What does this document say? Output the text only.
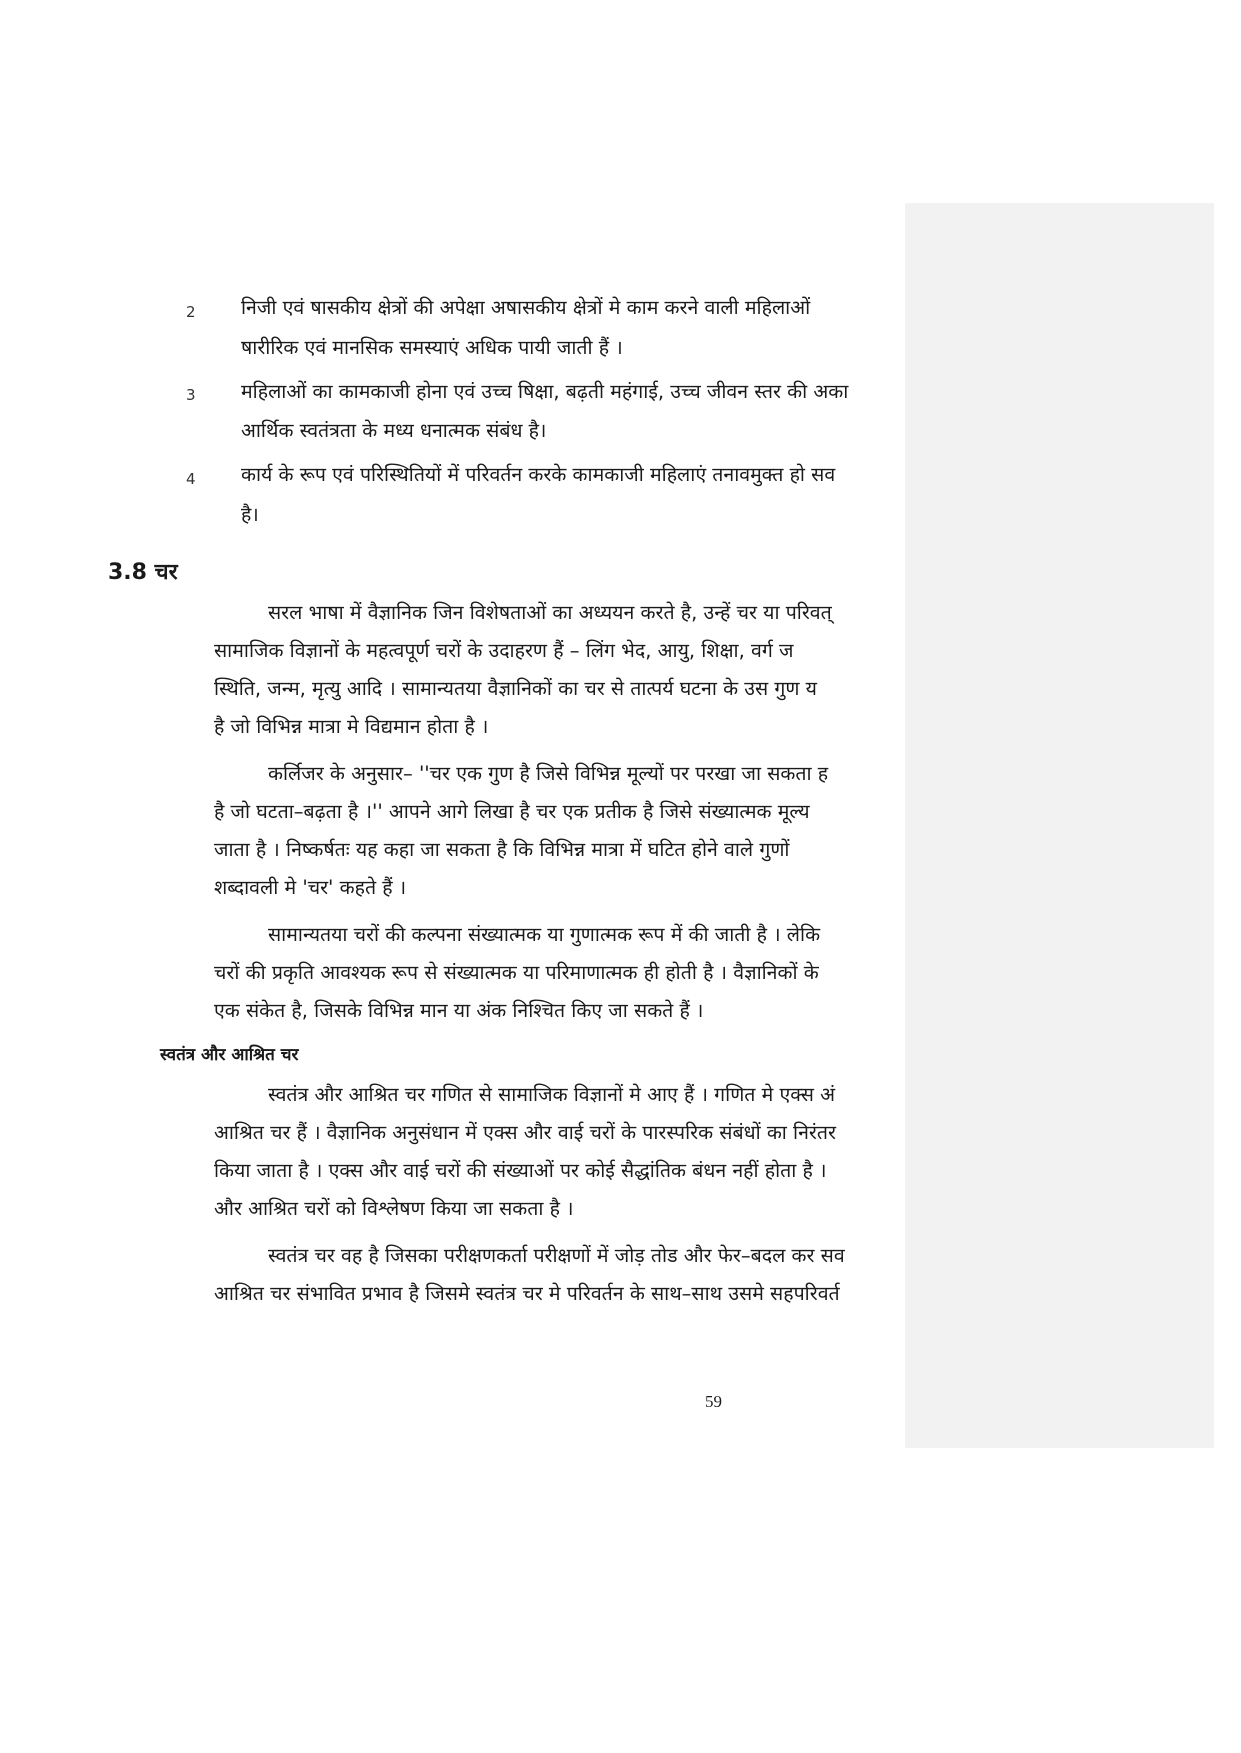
2 निजी एवं षासकीय क्षेत्रों की अपेक्षा अषासकीय क्षेत्रों मे काम करने वाली महिलाओं
षारीरिक एवं मानसिक समस्याएं अधिक पायी जाती हैं ।
3 महिलाओं का कामकाजी होना एवं उच्च षिक्षा, बढ़ती महंगाई, उच्च जीवन स्तर की अका
आर्थिक स्वतंत्रता के मध्य धनात्मक संबंध है।
4 कार्य के रूप एवं परिस्थितियों में परिवर्तन करके कामकाजी महिलाएं तनावमुक्त हो सव
है।
3.8 चर
सरल भाषा में वैज्ञानिक जिन विशेषताओं का अध्ययन करते है, उन्हें चर या परिवत्
सामाजिक विज्ञानों के महत्वपूर्ण चरों के उदाहरण हैं – लिंग भेद, आयु, शिक्षा, वर्ग ज
स्थिति, जन्म, मृत्यु आदि । सामान्यतया वैज्ञानिकों का चर से तात्पर्य घटना के उस गुण य
है जो विभिन्न मात्रा मे विद्यमान होता है ।
कर्लिजर के अनुसार– ''चर एक गुण है जिसे विभिन्न मूल्यों पर परखा जा सकता ह
है जो घटता–बढ़ता है ।'' आपने आगे लिखा है चर एक प्रतीक है जिसे संख्यात्मक मूल्य
जाता है । निष्कर्षतः यह कहा जा सकता है कि विभिन्न मात्रा में घटित होने वाले गुणों
शब्दावली मे 'चर' कहते हैं ।
सामान्यतया चरों की कल्पना संख्यात्मक या गुणात्मक रूप में की जाती है । लेकि
चरों की प्रकृति आवश्यक रूप से संख्यात्मक या परिमाणात्मक ही होती है । वैज्ञानिकों के
एक संकेत है, जिसके विभिन्न मान या अंक निश्चित किए जा सकते हैं ।
स्वतंत्र और आश्रित चर
स्वतंत्र और आश्रित चर गणित से सामाजिक विज्ञानों मे आए हैं । गणित मे एक्स अं
आश्रित चर हैं । वैज्ञानिक अनुसंधान में एक्स और वाई चरों के पारस्परिक संबंधों का निरंतर
किया जाता है । एक्स और वाई चरों की संख्याओं पर कोई सैद्धांतिक बंधन नहीं होता है ।
और आश्रित चरों को विश्लेषण किया जा सकता है ।
स्वतंत्र चर वह है जिसका परीक्षणकर्ता परीक्षणों में जोड़ तोड और फेर–बदल कर सव
आश्रित चर संभावित प्रभाव है जिसमे स्वतंत्र चर मे परिवर्तन के साथ–साथ उसमे सहपरिवर्त
59
